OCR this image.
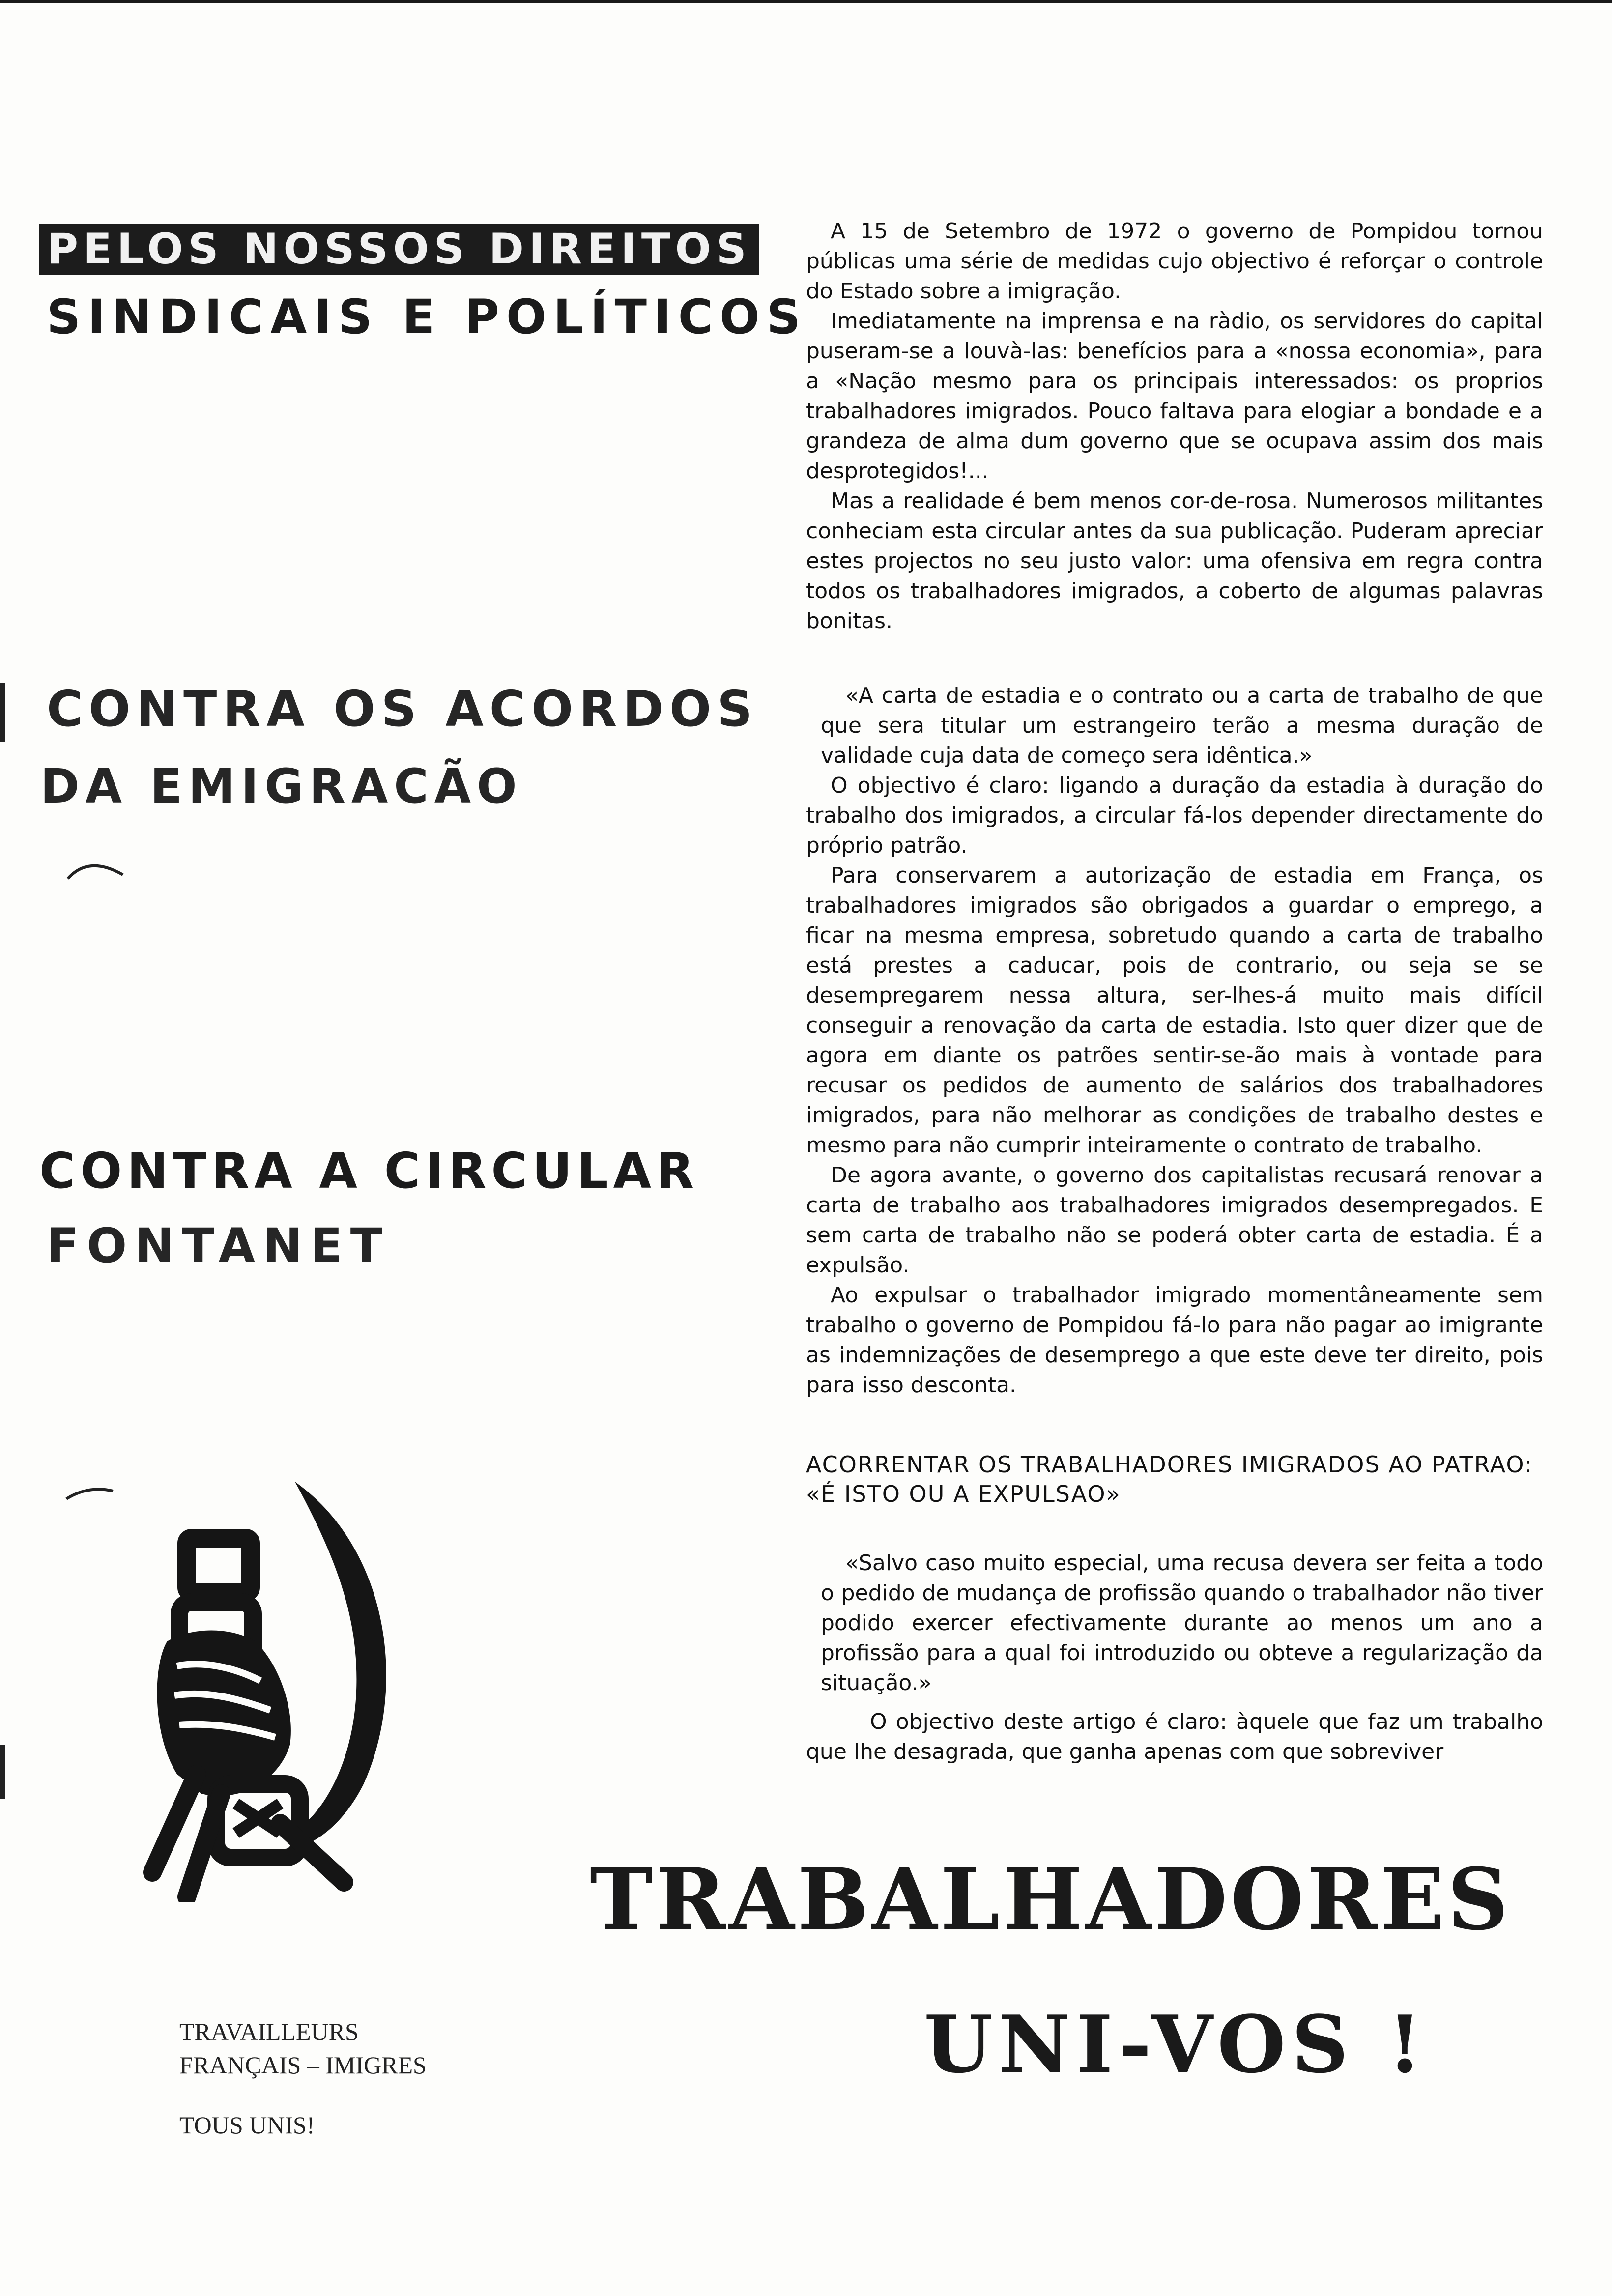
PELOS NOSSOS DIREITOS
SINDICAIS E POLÍTICOS
CONTRA OS ACORDOS
DA EMIGRACÃO
CONTRA A CIRCULAR
FONTANET
TRAVAILLEURS
FRANÇAIS – IMIGRES
TOUS UNIS!

A 15 de Setembro de 1972 o governo de Pompidou tornou públicas uma série de medidas cujo objectivo é reforçar o controle do Estado sobre a imigração.

Imediatamente na imprensa e na ràdio, os servidores do capital puseram-se a louvà-las: benefícios para a «nossa economia», para a «Nação mesmo para os principais interessados: os proprios trabalhadores imigrados. Pouco faltava para elogiar a bondade e a grandeza de alma dum governo que se ocupava assim dos mais desprotegidos!...

Mas a realidade é bem menos cor-de-rosa. Numerosos militantes conheciam esta circular antes da sua publicação. Puderam apreciar estes projectos no seu justo valor: uma ofensiva em regra contra todos os trabalhadores imigrados, a coberto de algumas palavras bonitas.

«A carta de estadia e o contrato ou a carta de trabalho de que que sera titular um estrangeiro terão a mesma duração de validade cuja data de começo sera idêntica.»

O objectivo é claro: ligando a duração da estadia à duração do trabalho dos imigrados, a circular fá-los depender directamente do próprio patrão.

Para conservarem a autorização de estadia em França, os trabalhadores imigrados são obrigados a guardar o emprego, a ficar na mesma empresa, sobretudo quando a carta de trabalho está prestes a caducar, pois de contrario, ou seja se se desempregarem nessa altura, ser-lhes-á muito mais difícil conseguir a renovação da carta de estadia. Isto quer dizer que de agora em diante os patrões sentir-se-ão mais à vontade para recusar os pedidos de aumento de salários dos trabalhadores imigrados, para não melhorar as condições de trabalho destes e mesmo para não cumprir inteiramente o contrato de trabalho.

De agora avante, o governo dos capitalistas recusará renovar a carta de trabalho aos trabalhadores imigrados desempregados. E sem carta de trabalho não se poderá obter carta de estadia. É a expulsão.

Ao expulsar o trabalhador imigrado momentâneamente sem trabalho o governo de Pompidou fá-lo para não pagar ao imigrante as indemnizações de desemprego a que este deve ter direito, pois para isso desconta.

ACORRENTAR OS TRABALHADORES IMIGRADOS AO PATRAO: «É ISTO OU A EXPULSAO»

«Salvo caso muito especial, uma recusa devera ser feita a todo o pedido de mudança de profissão quando o trabalhador não tiver podido exercer efectivamente durante ao menos um ano a profissão para a qual foi introduzido ou obteve a regularização da situação.»

O objectivo deste artigo é claro: àquele que faz um trabalho que lhe desagrada, que ganha apenas com que sobreviver

TRABALHADORES
UNI-VOS !
